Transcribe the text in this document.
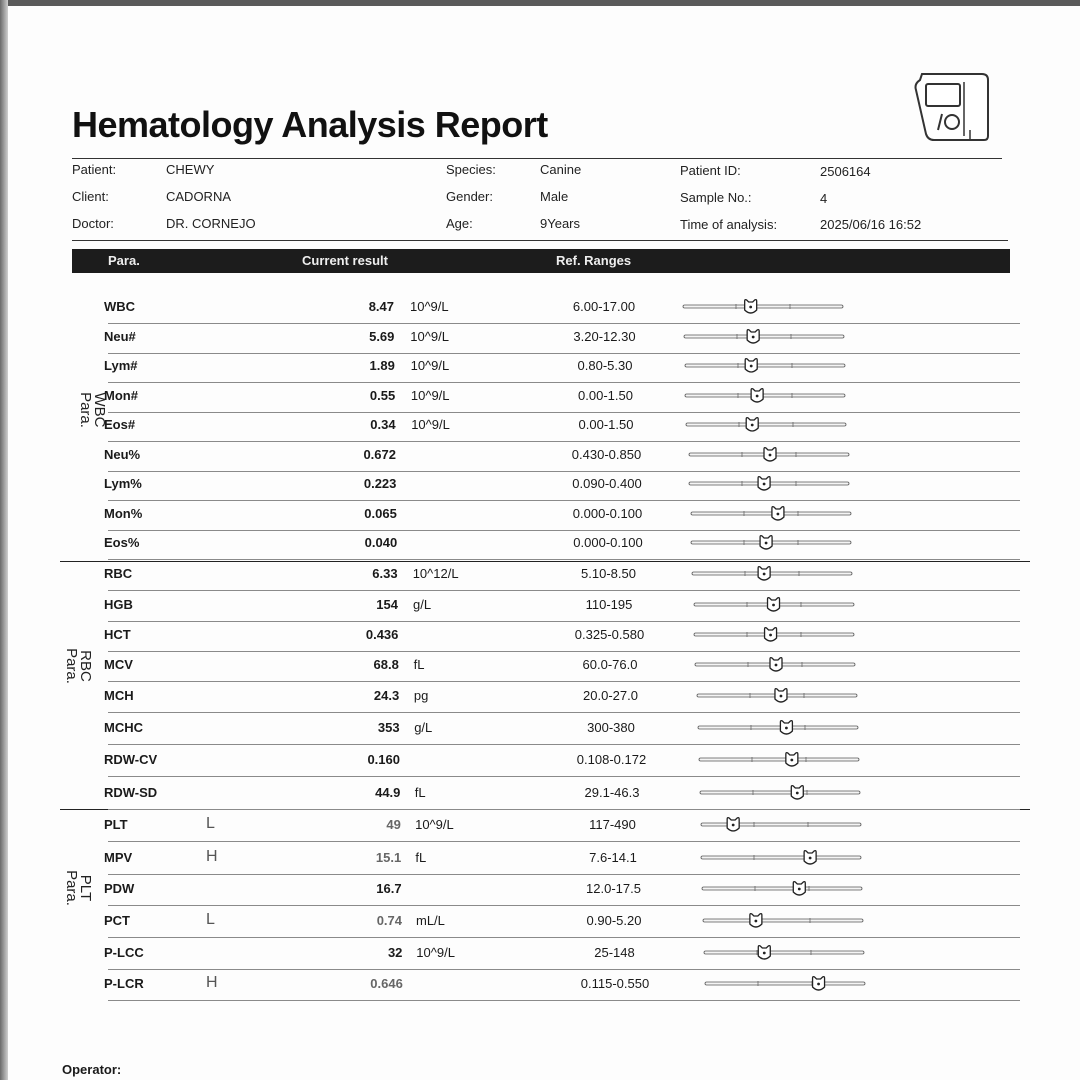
Hematology Analysis Report
Patient:	CHEWY
Client:	CADORNA
Doctor:	DR. CORNEJO
Species:	Canine
Gender:	Male
Age:	9Years
Patient ID:	2506164
Sample No.:	4
Time of analysis:	2025/06/16 16:52
Para.	Current result	Ref. Ranges
WBC
Para.
RBC
Para.
PLT
Para.
WBC	8.47 10^9/L	6.00-17.00
Neu#	5.69 10^9/L	3.20-12.30
Lym#	1.89 10^9/L	0.80-5.30
Mon#	0.55 10^9/L	0.00-1.50
Eos#	0.34 10^9/L	0.00-1.50
Neu%	0.672	0.430-0.850
Lym%	0.223	0.090-0.400
Mon%	0.065	0.000-0.100
Eos%	0.040	0.000-0.100
RBC	6.33 10^12/L	5.10-8.50
HGB	154 g/L	110-195
HCT	0.436	0.325-0.580
MCV	68.8 fL	60.0-76.0
MCH	24.3 pg	20.0-27.0
MCHC	353 g/L	300-380
RDW-CV	0.160	0.108-0.172
RDW-SD	44.9 fL	29.1-46.3
PLT	L	49 10^9/L	117-490
MPV	H	15.1 fL	7.6-14.1
PDW	16.7	12.0-17.5
PCT	L	0.74 mL/L	0.90-5.20
P-LCC	32 10^9/L	25-148
P-LCR	H	0.646	0.115-0.550
Operator:
